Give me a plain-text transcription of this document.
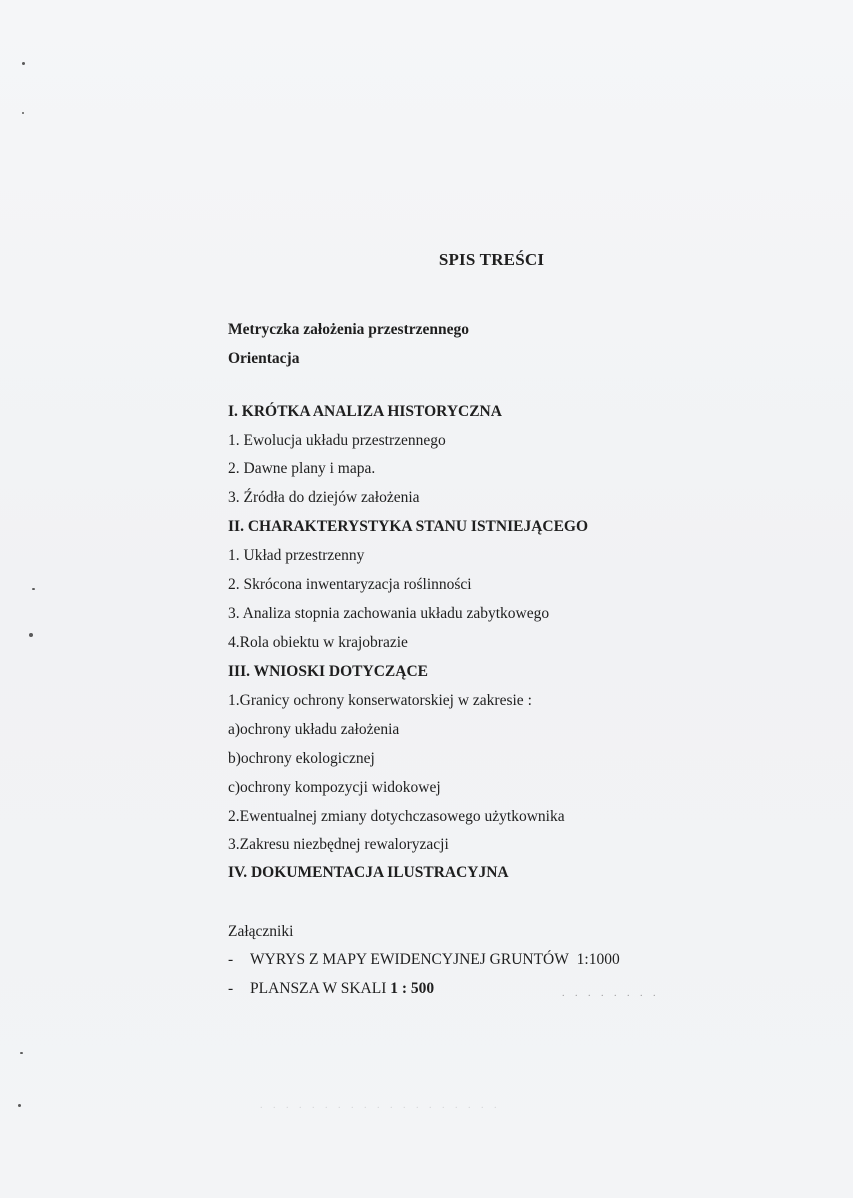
SPIS TREŚCI
Metryczka założenia przestrzennego
Orientacja
I. KRÓTKA ANALIZA HISTORYCZNA
1. Ewolucja układu przestrzennego
2. Dawne plany i mapa.
3. Źródła do dziejów założenia
II. CHARAKTERYSTYKA STANU ISTNIEJĄCEGO
1. Układ przestrzenny
2. Skrócona inwentaryzacja roślinności
3. Analiza stopnia zachowania układu zabytkowego
4.Rola obiektu w krajobrazie
III. WNIOSKI DOTYCZĄCE
1.Granicy ochrony konserwatorskiej w zakresie :
a)ochrony układu założenia
b)ochrony ekologicznej
c)ochrony kompozycji widokowej
2.Ewentualnej zmiany dotychczasowego użytkownika
3.Zakresu niezbędnej rewaloryzacji
IV. DOKUMENTACJA ILUSTRACYJNA
Załączniki
- WYRYS Z MAPY EWIDENCYJNEJ GRUNTÓW 1:1000
- PLANSZA W SKALI 1 : 500	. . . . . . . .
. . . . . . . . . . . . . . . . . . .
